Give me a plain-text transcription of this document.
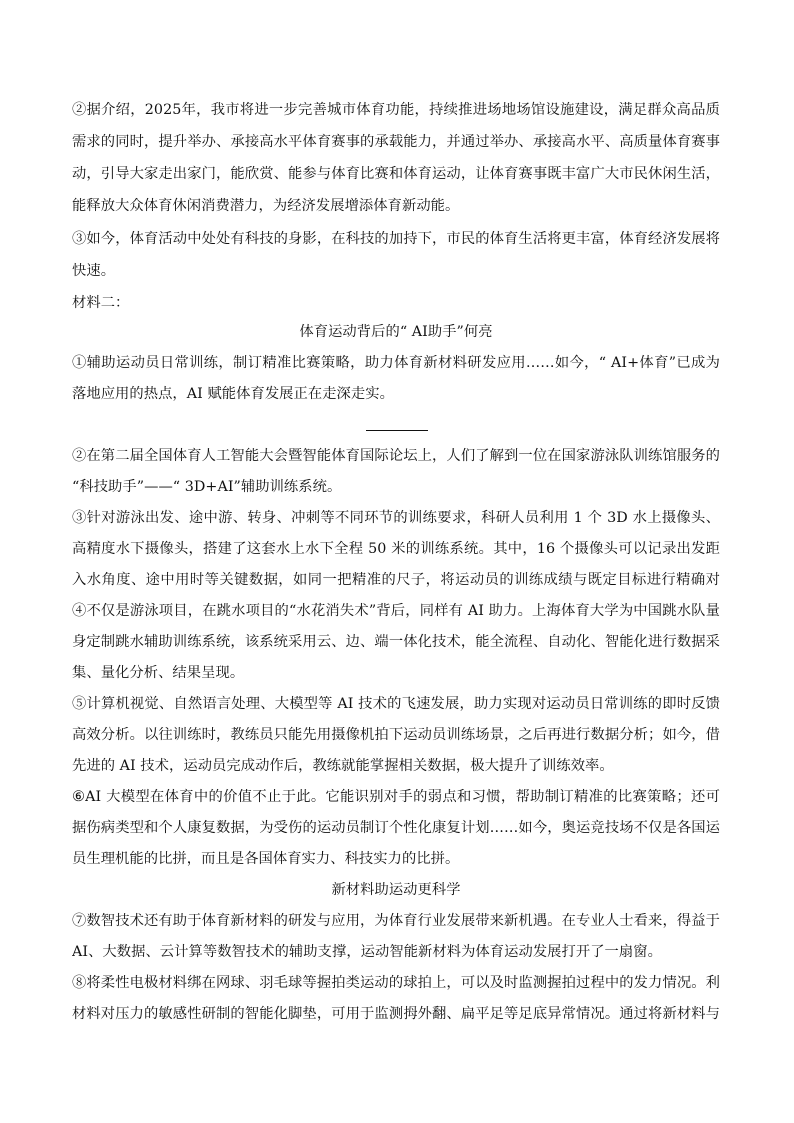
②据介绍，2025年，我市将进一步完善城市体育功能，持续推进场地场馆设施建设，满足群众高品质
需求的同时，提升举办、承接高水平体育赛事的承载能力，并通过举办、承接高水平、高质量体育赛事
动，引导大家走出家门，能欣赏、能参与体育比赛和体育运动，让体育赛事既丰富广大市民休闲生活，
能释放大众体育休闲消费潜力，为经济发展增添体育新动能。
③如今，体育活动中处处有科技的身影，在科技的加持下，市民的体育生活将更丰富，体育经济发展将
快速。
材料二：
体育运动背后的“ AI助手”何亮
①辅助运动员日常训练，制订精准比赛策略，助力体育新材料研发应用……如今，“ AI+体育”已成为
落地应用的热点，AI 赋能体育发展正在走深走实。
②在第二届全国体育人工智能大会暨智能体育国际论坛上，人们了解到一位在国家游泳队训练馆服务的
“科技助手”——“ 3D+AI”辅助训练系统。
③针对游泳出发、途中游、转身、冲刺等不同环节的训练要求，科研人员利用 1 个 3D 水上摄像头、
高精度水下摄像头，搭建了这套水上水下全程 50 米的训练系统。其中，16 个摄像头可以记录出发距
入水角度、途中用时等关键数据，如同一把精准的尺子，将运动员的训练成绩与既定目标进行精确对
④不仅是游泳项目，在跳水项目的“水花消失术”背后，同样有 AI 助力。上海体育大学为中国跳水队量
身定制跳水辅助训练系统，该系统采用云、边、端一体化技术，能全流程、自动化、智能化进行数据采
集、量化分析、结果呈现。
⑤计算机视觉、自然语言处理、大模型等 AI 技术的飞速发展，助力实现对运动员日常训练的即时反馈
高效分析。以往训练时，教练员只能先用摄像机拍下运动员训练场景，之后再进行数据分析；如今，借
先进的 AI 技术，运动员完成动作后，教练就能掌握相关数据，极大提升了训练效率。
⑥AI 大模型在体育中的价值不止于此。它能识别对手的弱点和习惯，帮助制订精准的比赛策略；还可
据伤病类型和个人康复数据，为受伤的运动员制订个性化康复计划……如今，奥运竞技场不仅是各国运
员生理机能的比拼，而且是各国体育实力、科技实力的比拼。
新材料助运动更科学
⑦数智技术还有助于体育新材料的研发与应用，为体育行业发展带来新机遇。在专业人士看来，得益于
AI、大数据、云计算等数智技术的辅助支撑，运动智能新材料为体育运动发展打开了一扇窗。
⑧将柔性电极材料绑在网球、羽毛球等握拍类运动的球拍上，可以及时监测握拍过程中的发力情况。利
材料对压力的敏感性研制的智能化脚垫，可用于监测拇外翻、扁平足等足底异常情况。通过将新材料与
